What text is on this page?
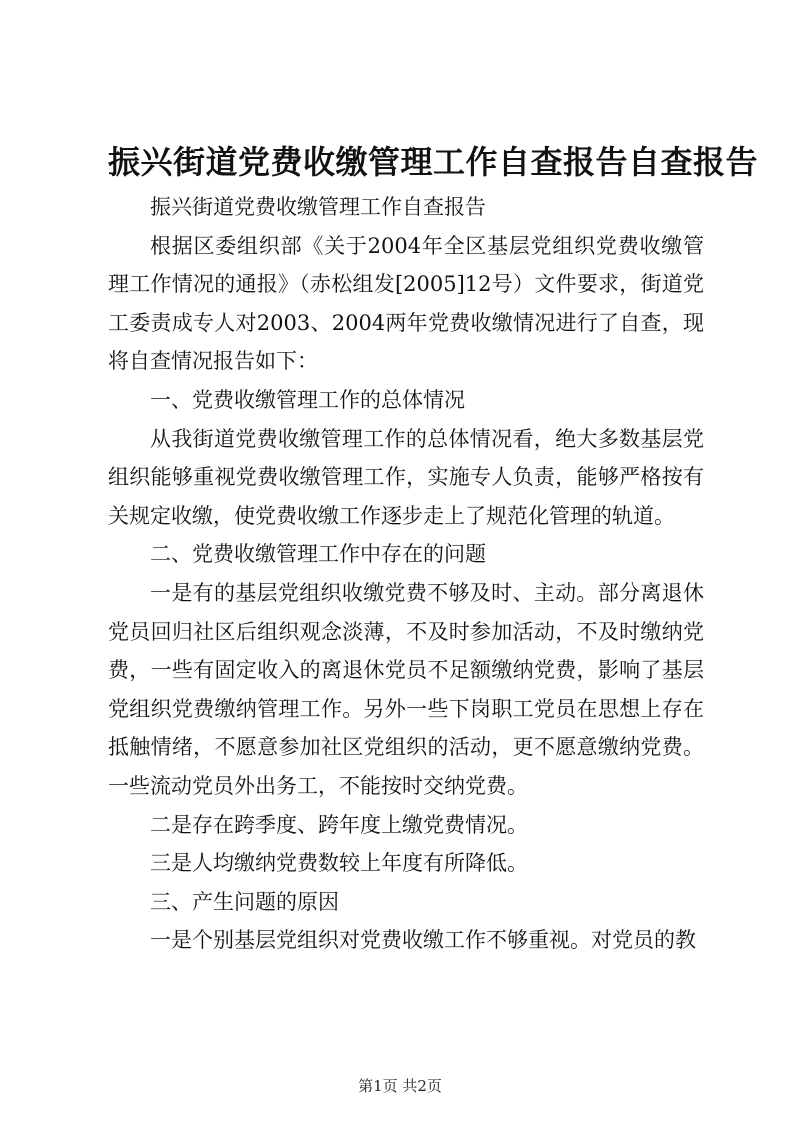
振兴街道党费收缴管理工作自查报告自查报告

振兴街道党费收缴管理工作自查报告

根据区委组织部《关于2004年全区基层党组织党费收缴管理工作情况的通报》（赤松组发[2005]12号）文件要求，街道党工委责成专人对2003、2004两年党费收缴情况进行了自查，现将自查情况报告如下：

一、党费收缴管理工作的总体情况

从我街道党费收缴管理工作的总体情况看，绝大多数基层党组织能够重视党费收缴管理工作，实施专人负责，能够严格按有关规定收缴，使党费收缴工作逐步走上了规范化管理的轨道。

二、党费收缴管理工作中存在的问题

一是有的基层党组织收缴党费不够及时、主动。部分离退休党员回归社区后组织观念淡薄，不及时参加活动，不及时缴纳党费，一些有固定收入的离退休党员不足额缴纳党费，影响了基层党组织党费缴纳管理工作。另外一些下岗职工党员在思想上存在抵触情绪，不愿意参加社区党组织的活动，更不愿意缴纳党费。一些流动党员外出务工，不能按时交纳党费。

二是存在跨季度、跨年度上缴党费情况。

三是人均缴纳党费数较上年度有所降低。

三、产生问题的原因

一是个别基层党组织对党费收缴工作不够重视。对党员的教

第1页 共2页
